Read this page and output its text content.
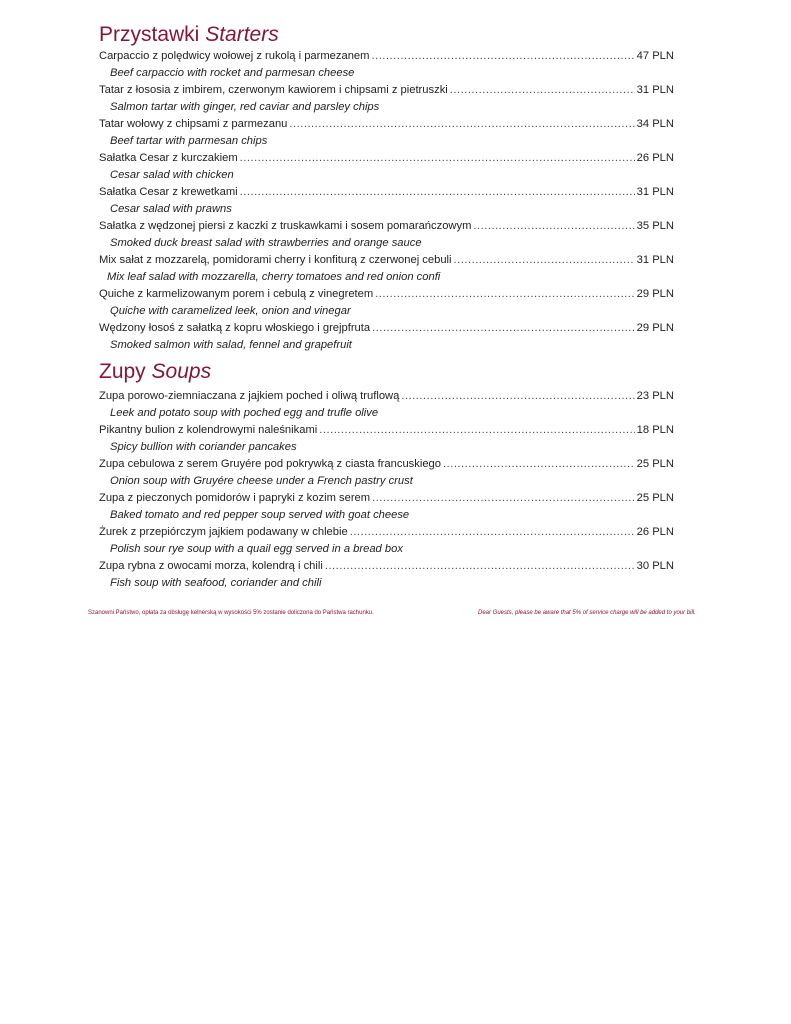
Przystawki Starters
Carpaccio z polędwicy wołowej z rukolą i parmezanem .....	47 PLN
Beef carpaccio with rocket and parmesan cheese
Tatar z łososia z imbirem, czerwonym kawiorem i chipsami z pietruszki .....	31 PLN
Salmon tartar with ginger, red caviar and parsley chips
Tatar wołowy z chipsami z parmezanu .....	34 PLN
Beef tartar with parmesan chips
Sałatka Cesar z kurczakiem .....	26 PLN
Cesar salad with chicken
Sałatka Cesar z krewetkami .....	31 PLN
Cesar salad with prawns
Sałatka z wędzonej piersi z kaczki z truskawkami i sosem pomarańczowym .....	35 PLN
Smoked duck breast salad with strawberries and orange sauce
Mix sałat z mozzarelą, pomidorami cherry i konfiturą z czerwonej cebuli .....	31 PLN
Mix leaf salad with mozzarella, cherry tomatoes and red onion confi
Quiche z karmelizowanym porem i cebulą z vinegretem .....	29 PLN
Quiche with caramelized leek, onion and vinegar
Wędzony łosoś z sałatką z kopru włoskiego i grejpfruta .....	29 PLN
Smoked salmon with salad, fennel and grapefruit
Zupy Soups
Zupa porowo-ziemniaczana z jajkiem poched i oliwą truflową .....	23 PLN
Leek and potato soup with poched egg and trufle olive
Pikantny bulion z kolendrowymi naleśnikami .....	18 PLN
Spicy bullion with coriander pancakes
Zupa cebulowa z serem Gruyére pod pokrywką z ciasta francuskiego .....	25 PLN
Onion soup with Gruyére cheese under a French pastry crust
Zupa z pieczonych pomidorów i papryki z kozim serem .....	25 PLN
Baked tomato and red pepper soup served with goat cheese
Żurek z przepiórczym jajkiem podawany w chlebie .....	26 PLN
Polish sour rye soup with a quail egg served in a bread box
Zupa rybna z owocami morza, kolendrą i chili .....	30 PLN
Fish soup with seafood, coriander and chili
Szanowni Państwo, opłata za obsługę kelnerską w wysokości 5% zostanie doliczona do Państwa rachunku.	Dear Guests, please be aware that 5% of service charge will be added to your bill.
